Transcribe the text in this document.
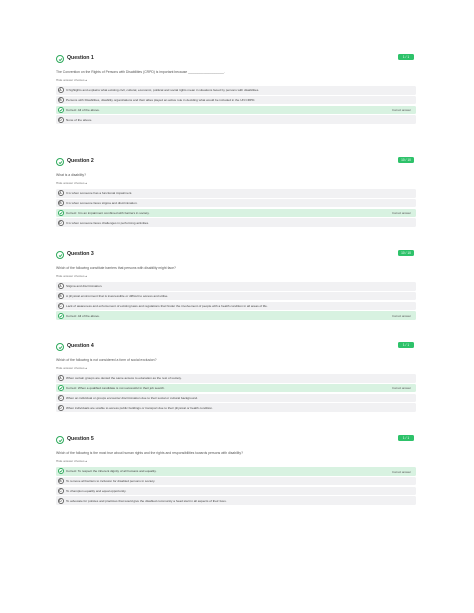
Question 1	1 / 1
The Convention on the Rights of Persons with Disabilities (CRPD) is important because ___________________.
Hide answer choices ▴
A	It highlights and explains what existing civil, cultural, economic, political and social rights mean in situations faced by persons with disabilities.
B	Persons with Disabilities, disability organizations and their allies played an active role in deciding what would be included in the UN CRPD.
Correct: All of the above.	Correct answer
D	None of the above.
Question 2	10 / 10
What is a disability?
Hide answer choices ▴
A	It is when someone has a functional impairment.
B	It is when someone faces stigma and discrimination.
Correct: It is an impairment combined with barriers in society.	Correct answer
D	It is when someone faces challenges in performing activities.
Question 3	10 / 10
Which of the following constitute barriers that persons with disability might face?
Hide answer choices ▴
A	Stigma and discrimination.
B	A physical environment that is inaccessible or difficult to access and utilise.
C	Lack of awareness and enforcement of existing laws and regulations that hinder the involvement of people with a health condition in all areas of life.
Correct: All of the above.	Correct answer
Question 4	1 / 1
Which of the following is not considered a form of social exclusion?
Hide answer choices ▴
A	When certain groups are denied the same access to education as the rest of society.
Correct: When a qualified candidate is not successful in their job search.	Correct answer
C	When an individual or groups encounter discrimination due to their social or cultural background.
D	When individuals are unable to access public buildings or transport due to their physical or health condition.
Question 5	1 / 1
Which of the following is the most true about human rights and the rights and responsibilities towards persons with disability?
Hide answer choices ▴
Correct: To respect the inherent dignity of all humans and equality.	Correct answer
B	To remove all barriers to inclusion for disabled persons in society.
C	To champion equality and equal opportunity.
D	To advocate for policies and practices that would give the disabled community a head start in all aspects of their lives.
